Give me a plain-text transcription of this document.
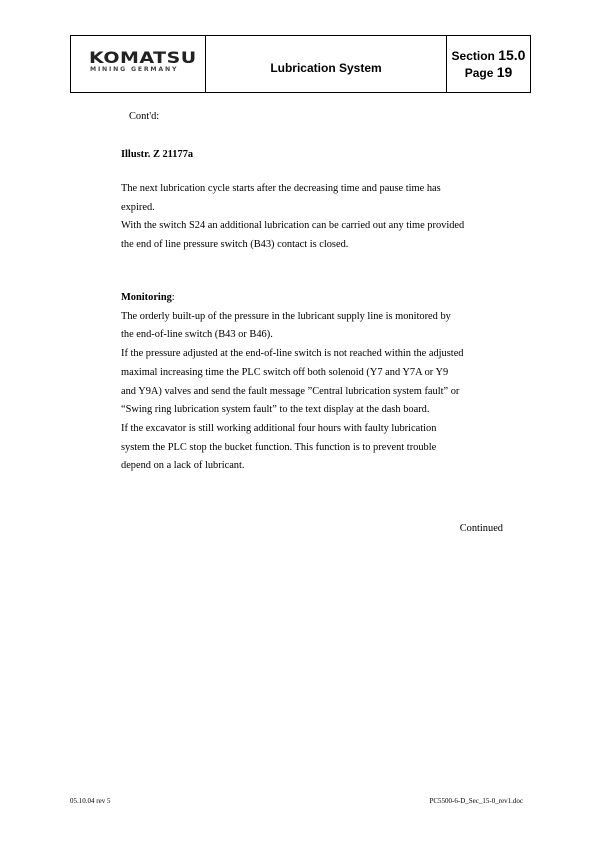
KOMATSU
MINING GERMANY	Lubrication System	
Section 15.0
Page 19
Cont'd:
Illustr. Z 21177a

The next lubrication cycle starts after the decreasing time and pause time has

expired.

With the switch S24 an additional lubrication can be carried out any time provided

the end of line pressure switch (B43) contact is closed.

Monitoring:

The orderly built-up of the pressure in the lubricant supply line is monitored by

the end-of-line switch (B43 or B46).

If the pressure adjusted at the end-of-line switch is not reached within the adjusted

maximal increasing time the PLC switch off both solenoid (Y7 and Y7A or Y9

and Y9A) valves and send the fault message ”Central lubrication system fault” or

“Swing ring lubrication system fault” to the text display at the dash board.

If the excavator is still working additional four hours with faulty lubrication

system the PLC stop the bucket function. This function is to prevent trouble

depend on a lack of lubricant.

Continued
05.10.04 rev 5	PC5500-6-D_Sec_15-0_rev1.doc
